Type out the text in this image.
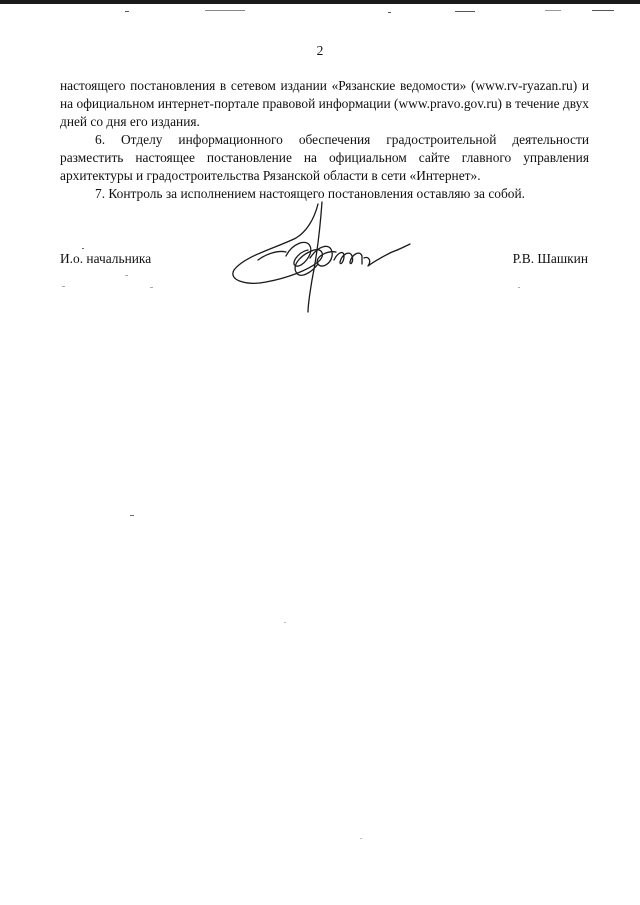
2

настоящего постановления в сетевом издании «Рязанские ведомости» (www.rv-ryazan.ru) и на официальном интернет-портале правовой информации (www.pravo.gov.ru) в течение двух дней со дня его издания.

6. Отделу информационного обеспечения градостроительной деятельности разместить настоящее постановление на официальном сайте главного управления архитектуры и градостроительства Рязанской области в сети «Интернет».

7. Контроль за исполнением настоящего постановления оставляю за собой.

И.о. начальника	Р.В. Шашкин
